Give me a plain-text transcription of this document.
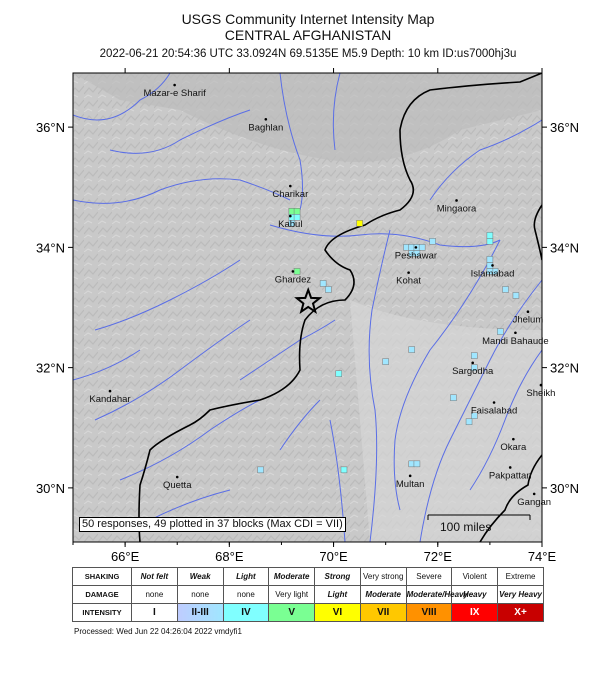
USGS Community Internet Intensity Map
CENTRAL AFGHANISTAN
2022-06-21 20:54:36 UTC 33.0924N 69.5135E M5.9 Depth: 10 km ID:us7000hj3u
Mazar-e Sharif
Baghlan
Charikar
Kabul
Mingaora
Peshawar
Islamabad
Ghardez	Kohat
Jhelum
Mandi Bahaude
Sargodha
Kandahar
Sheikh
Faisalabad
Okara
Quetta	Multan
Pakpattan
Gangan
66°E	68°E	70°E	72°E	74°E
36°N	36°N
34°N	34°N
32°N	32°N
30°N	30°N
50 responses, 49 plotted in 37 blocks (Max CDI = VII)	100 miles
SHAKING	Not felt	Weak	Light	Moderate	Strong	Very strong	Severe	Violent	Extreme
DAMAGE	none	none	none	Very light	Light	Moderate	Moderate/Heavy	Heavy	Very Heavy
INTENSITY	I	II-III	IV	V	VI	VII	VIII	IX	X+
Processed: Wed Jun 22 04:26:04 2022 vmdyfi1
